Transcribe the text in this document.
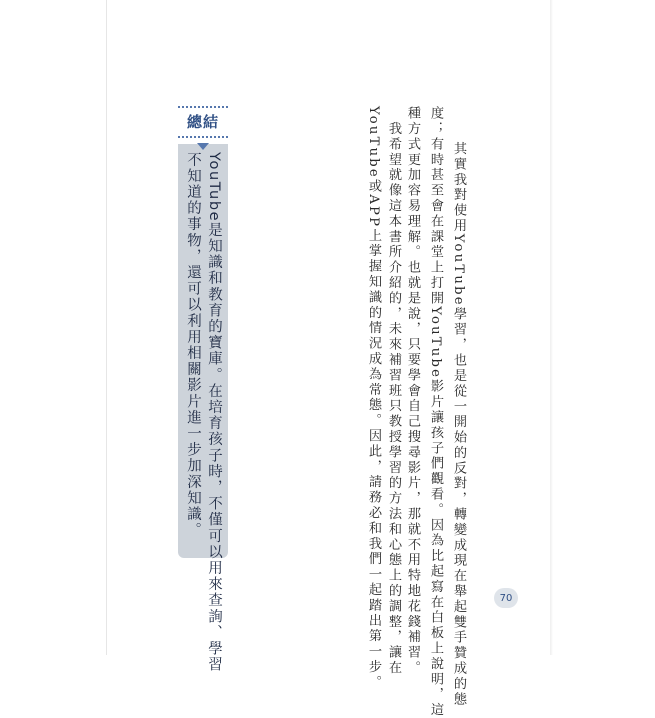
　其實我對使用YouTube學習，也是從一開始的反對，轉變成現在舉起雙手贊成的態
度；有時甚至會在課堂上打開YouTube影片讓孩子們觀看。因為比起寫在白板上說明，這
種方式更加容易理解。也就是說，只要學會自己搜尋影片，那就不用特地花錢補習。
　我希望就像這本書所介紹的，未來補習班只教授學習的方法和心態上的調整，讓在
YouTube或APP上掌握知識的情況成為常態。因此，請務必和我們一起踏出第一步。
總結
YouTube是知識和教育的寶庫。在培育孩子時，不僅可以用來查詢、學習
不知道的事物，還可以利用相關影片進一步加深知識。
70
